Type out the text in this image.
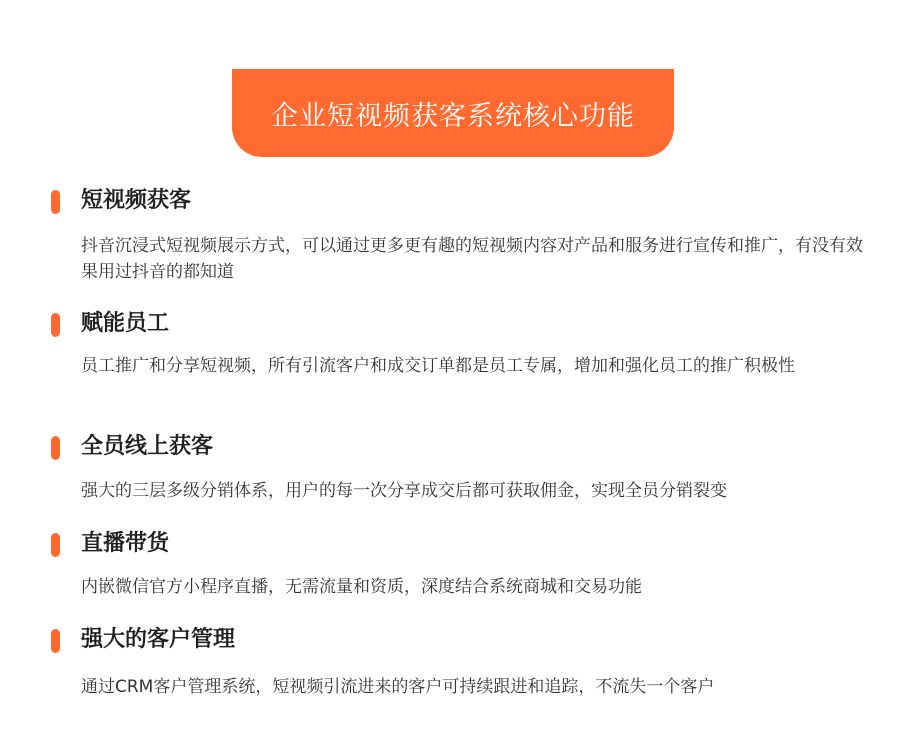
企业短视频获客系统核心功能
短视频获客
抖音沉浸式短视频展示方式，可以通过更多更有趣的短视频内容对产品和服务进行宣传和推广，有没有效果用过抖音的都知道
赋能员工
员工推广和分享短视频，所有引流客户和成交订单都是员工专属，增加和强化员工的推广积极性
全员线上获客
强大的三层多级分销体系，用户的每一次分享成交后都可获取佣金，实现全员分销裂变
直播带货
内嵌微信官方小程序直播，无需流量和资质，深度结合系统商城和交易功能
强大的客户管理
通过CRM客户管理系统，短视频引流进来的客户可持续跟进和追踪，不流失一个客户
